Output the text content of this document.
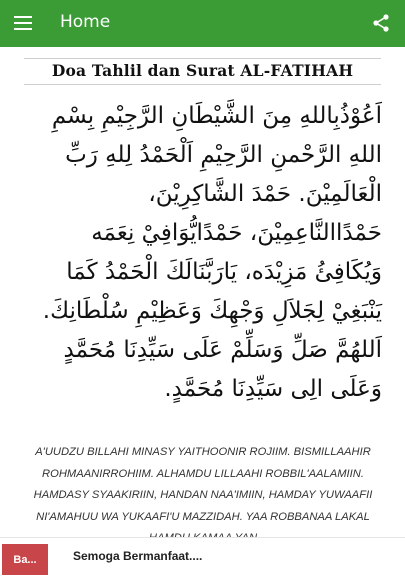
Home
Doa Tahlil dan Surat AL-FATIHAH
اَعُوْذُبِاللهِ مِنَ الشَّيْطَانِ الرَّجِيْمِ بِسْمِ اللهِ الرَّحْمنِ الرَّحِيْمِ اَلْحَمْدُ لِلهِ رَبِّ الْعَالَمِيْنَ. حَمْدَ الشَّاكِرِيْنَ، حَمْدًاالنَّاعِمِيْنَ، حَمْدًايُّوَافِيْ نِعَمَه وَيُكَافِئُ مَزِيْدَه، يَارَبَّنَالَكَ الْحَمْدُ كَمَا يَنْبَغِيْ لِجَلاَلِ وَجْهِكَ وَعَظِيْمِ سُلْطَانِكَ. اَللهُمَّ صَلِّ وَسَلِّمْ عَلَى سَيِّدِنَا مُحَمَّدٍ وَعَلَى الِى سَيِّدِنَا مُحَمَّدٍ.
A'UUDZU BILLAHI MINASY YAITHOONIR ROJIIM. BISMILLAAHIR ROHMAANIRROHIIM. ALHAMDU LILLAAHI ROBBIL'AALAMIIN. HAMDASY SYAAKIRIIN, HANDAN NAA'IMIIN, HAMDAY YUWAAFII NI'AMAHUU WA YUKAAFI'U MAZZIDAH. YAA ROBBANAA LAKAL
Ba...	Semoga Bermanfaat....
